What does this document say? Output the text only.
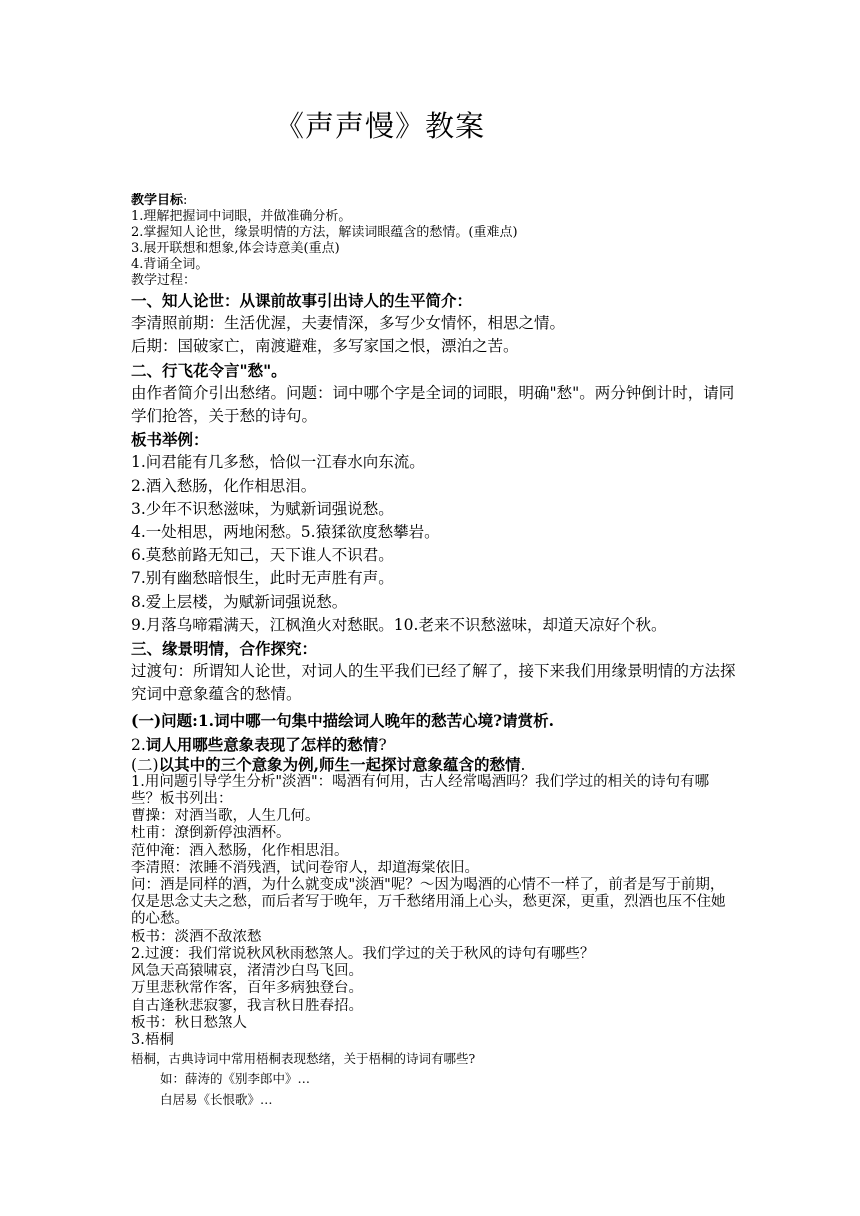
《声声慢》教案
教学目标:
1.理解把握词中词眼，并做准确分析。
2.掌握知人论世，缘景明情的方法，解读词眼蕴含的愁情。(重难点)
3.展开联想和想象,体会诗意美(重点)
4.背诵全词。
教学过程：
一、知人论世：从课前故事引出诗人的生平简介：
李清照前期：生活优渥，夫妻情深，多写少女情怀，相思之情。
后期：国破家亡，南渡避难，多写家国之恨，漂泊之苦。
二、行飞花令言"愁"。
由作者简介引出愁绪。问题：词中哪个字是全词的词眼，明确"愁"。两分钟倒计时，请同学们抢答，关于愁的诗句。
板书举例：
1.问君能有几多愁，恰似一江春水向东流。
2.酒入愁肠，化作相思泪。
3.少年不识愁滋味，为赋新词强说愁。
4.一处相思，两地闲愁。5.猿猱欲度愁攀岩。
6.莫愁前路无知己，天下谁人不识君。
7.别有幽愁暗恨生，此时无声胜有声。
8.爱上层楼，为赋新词强说愁。
9.月落乌啼霜满天，江枫渔火对愁眠。10.老来不识愁滋味，却道天凉好个秋。
三、缘景明情，合作探究：
过渡句：所谓知人论世，对词人的生平我们已经了解了，接下来我们用缘景明情的方法探究词中意象蕴含的愁情。
(一)问题:1.词中哪一句集中描绘词人晚年的愁苦心境?请赏析.
2.词人用哪些意象表现了怎样的愁情?
(二)以其中的三个意象为例,师生一起探讨意象蕴含的愁情.
1.用问题引导学生分析"淡酒"：喝酒有何用，古人经常喝酒吗？我们学过的相关的诗句有哪些？板书列出：
曹操：对酒当歌，人生几何。
杜甫：潦倒新停浊酒杯。
范仲淹：酒入愁肠，化作相思泪。
李清照：浓睡不消残酒，试问卷帘人，却道海棠依旧。
问：酒是同样的酒，为什么就变成"淡酒"呢？～因为喝酒的心情不一样了，前者是写于前期，仅是思念丈夫之愁，而后者写于晚年，万千愁绪用涌上心头，愁更深，更重，烈酒也压不住她的心愁。
板书：淡酒不敌浓愁
2.过渡：我们常说秋风秋雨愁煞人。我们学过的关于秋风的诗句有哪些？
风急天高猿啸哀，渚清沙白鸟飞回。
万里悲秋常作客，百年多病独登台。
自古逢秋悲寂寥，我言秋日胜春招。
板书：秋日愁煞人
3.梧桐
梧桐，古典诗词中常用梧桐表现愁绪，关于梧桐的诗词有哪些?
如：薛涛的《别李郎中》…
白居易《长恨歌》…
